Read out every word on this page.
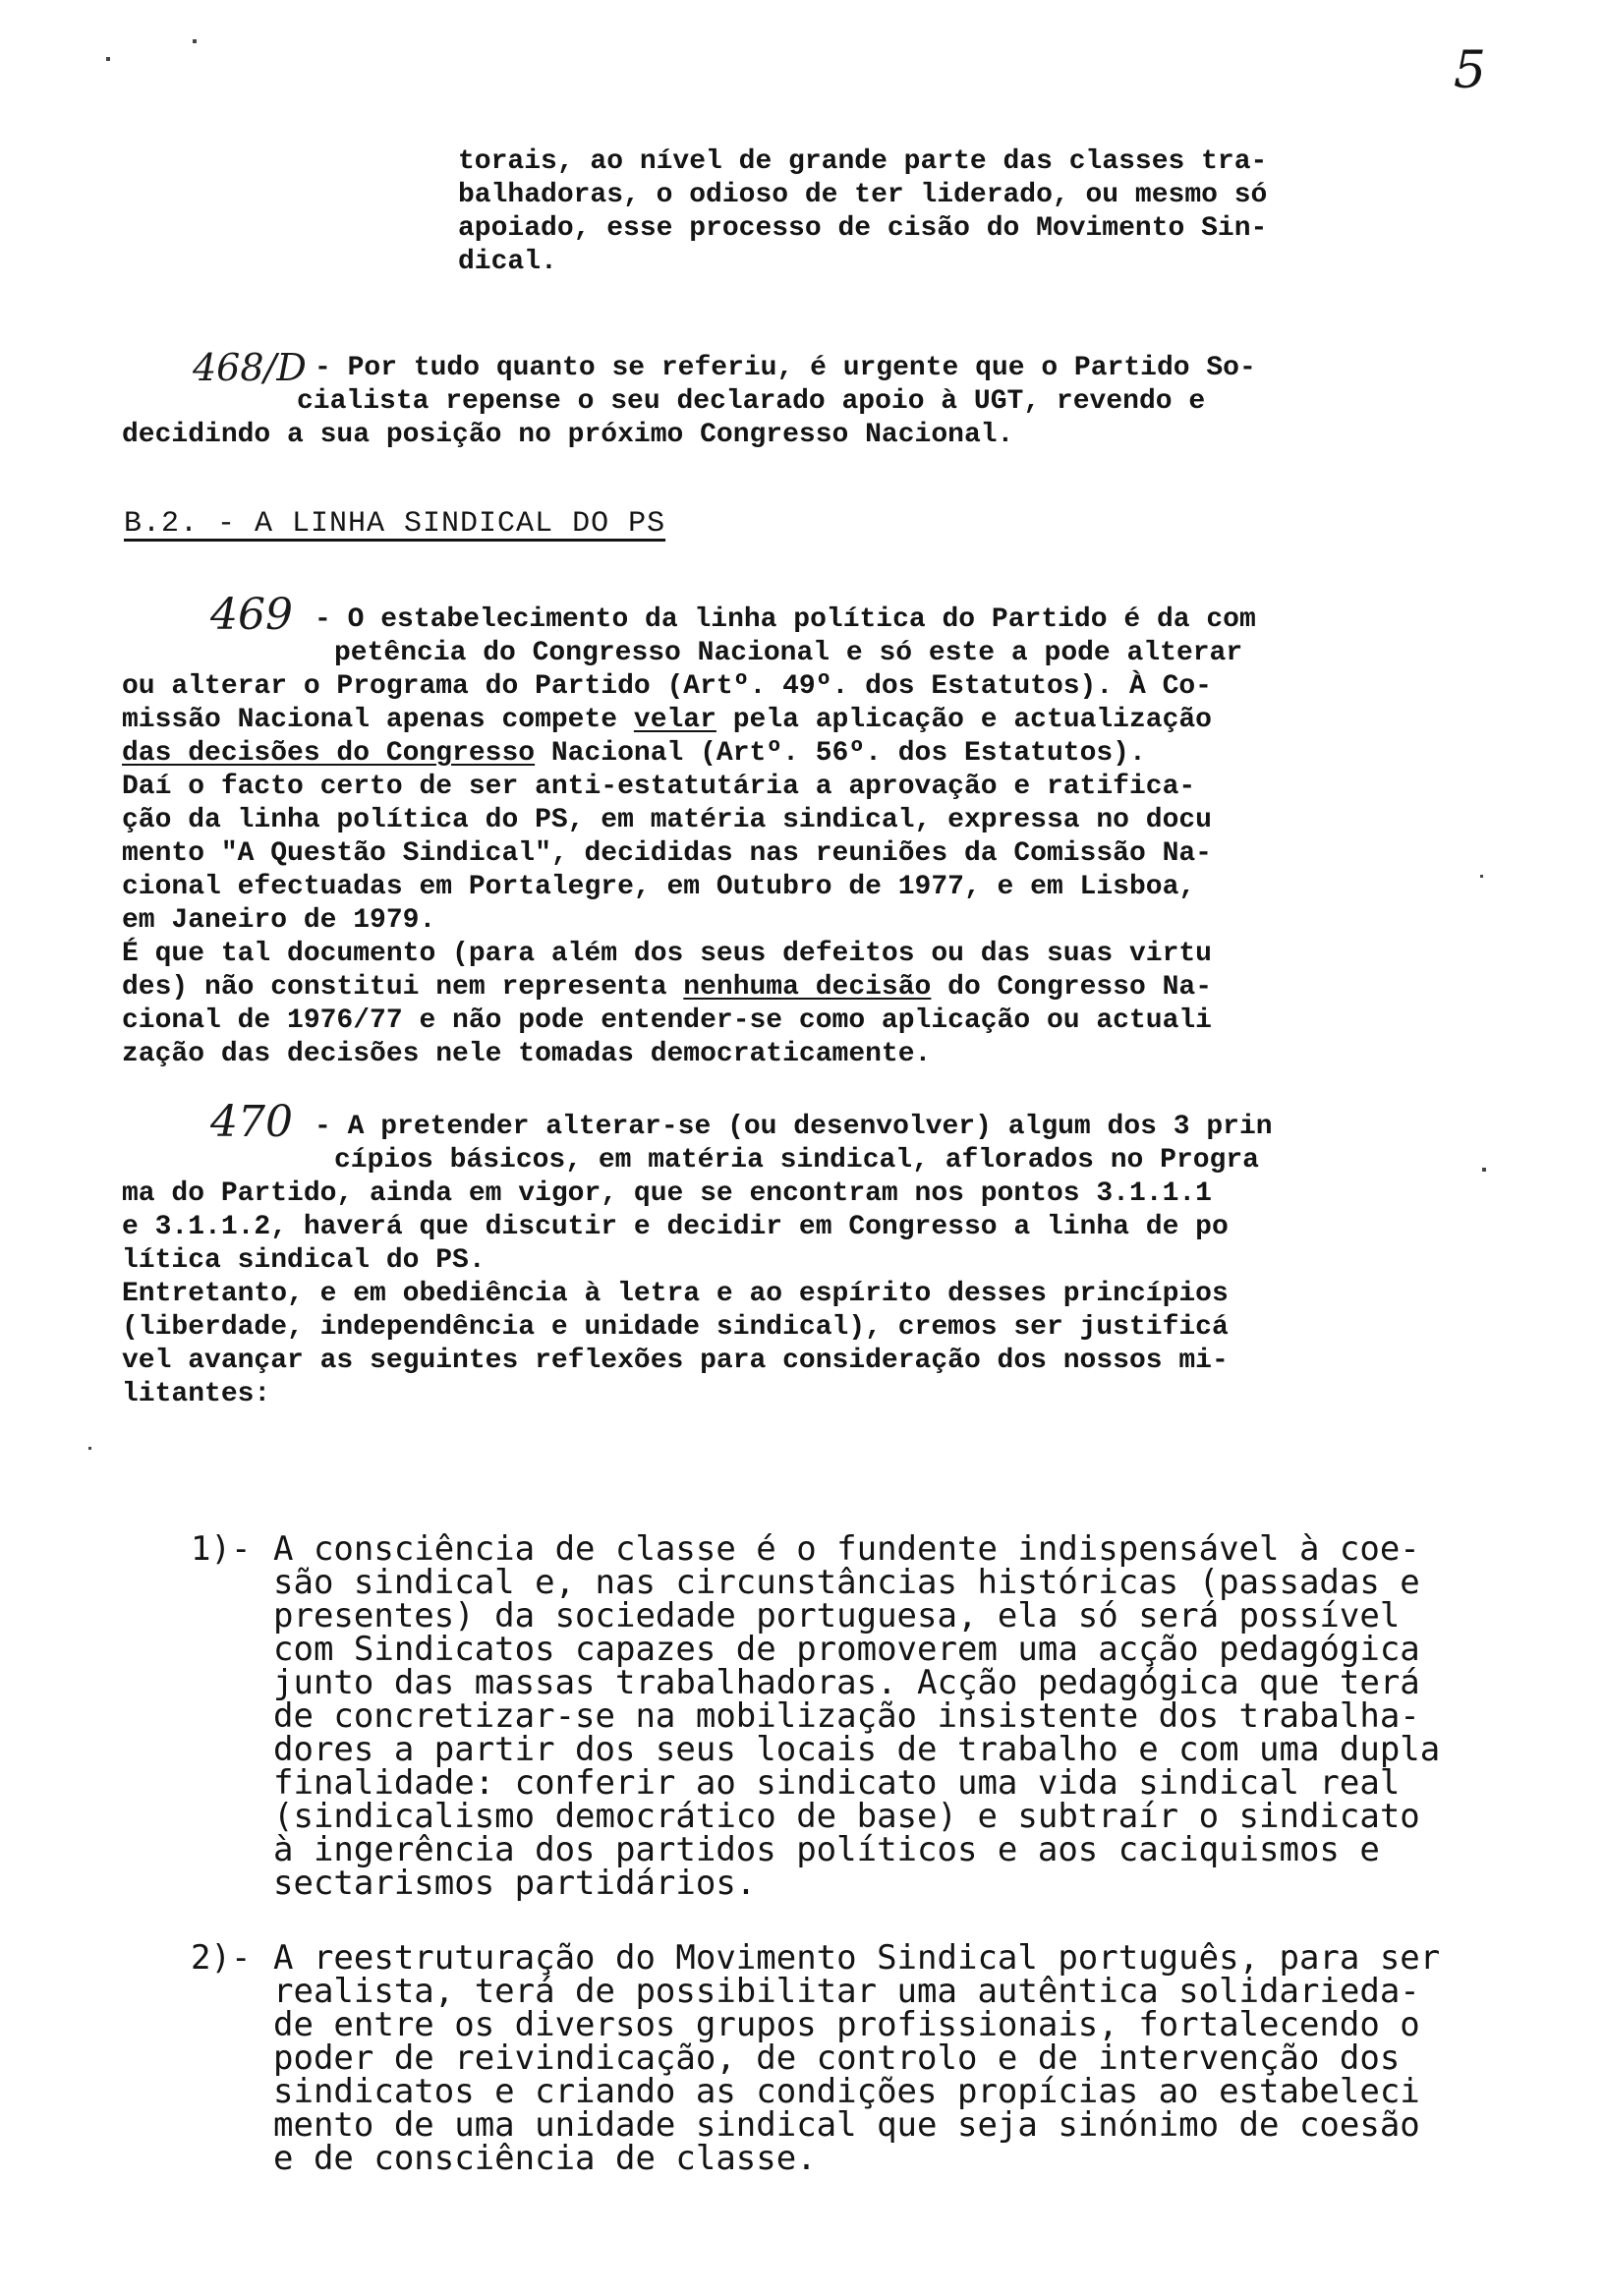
5
torais, ao nível de grande parte das classes tra-
balhadoras, o odioso de ter liderado, ou mesmo só
apoiado, esse processo de cisão do Movimento Sin-
dical.
468/D - Por tudo quanto se referiu, é urgente que o Partido So-
cialista repense o seu declarado apoio à UGT, revendo e
decidindo a sua posição no próximo Congresso Nacional.
B.2. - A LINHA SINDICAL DO PS
469 - O estabelecimento da linha política do Partido é da com
petência do Congresso Nacional e só este a pode alterar
ou alterar o Programa do Partido (Artº. 49º. dos Estatutos). À Co-
missão Nacional apenas compete velar pela aplicação e actualização
das decisões do Congresso Nacional (Artº. 56º. dos Estatutos).
Daí o facto certo de ser anti-estatutária a aprovação e ratifica-
ção da linha política do PS, em matéria sindical, expressa no docu
mento "A Questão Sindical", decididas nas reuniões da Comissão Na-
cional efectuadas em Portalegre, em Outubro de 1977, e em Lisboa,
em Janeiro de 1979.
É que tal documento (para além dos seus defeitos ou das suas virtu
des) não constitui nem representa nenhuma decisão do Congresso Na-
cional de 1976/77 e não pode entender-se como aplicação ou actuali
zação das decisões nele tomadas democraticamente.
470 - A pretender alterar-se (ou desenvolver) algum dos 3 prin
cípios básicos, em matéria sindical, aflorados no Progra
ma do Partido, ainda em vigor, que se encontram nos pontos 3.1.1.1
e 3.1.1.2, haverá que discutir e decidir em Congresso a linha de po
lítica sindical do PS.
Entretanto, e em obediência à letra e ao espírito desses princípios
(liberdade, independência e unidade sindical), cremos ser justificá
vel avançar as seguintes reflexões para consideração dos nossos mi-
litantes:
1)- A consciência de classe é o fundente indispensável à coe-
são sindical e, nas circunstâncias históricas (passadas e
presentes) da sociedade portuguesa, ela só será possível
com Sindicatos capazes de promoverem uma acção pedagógica
junto das massas trabalhadoras. Acção pedagógica que terá
de concretizar-se na mobilização insistente dos trabalha-
dores a partir dos seus locais de trabalho e com uma dupla
finalidade: conferir ao sindicato uma vida sindical real
(sindicalismo democrático de base) e subtraír o sindicato
à ingerência dos partidos políticos e aos caciquismos e
sectarismos partidários.
2)- A reestruturação do Movimento Sindical português, para ser
realista, terá de possibilitar uma autêntica solidarieda-
de entre os diversos grupos profissionais, fortalecendo o
poder de reivindicação, de controlo e de intervenção dos
sindicatos e criando as condições propícias ao estabeleci
mento de uma unidade sindical que seja sinónimo de coesão
e de consciência de classe.
